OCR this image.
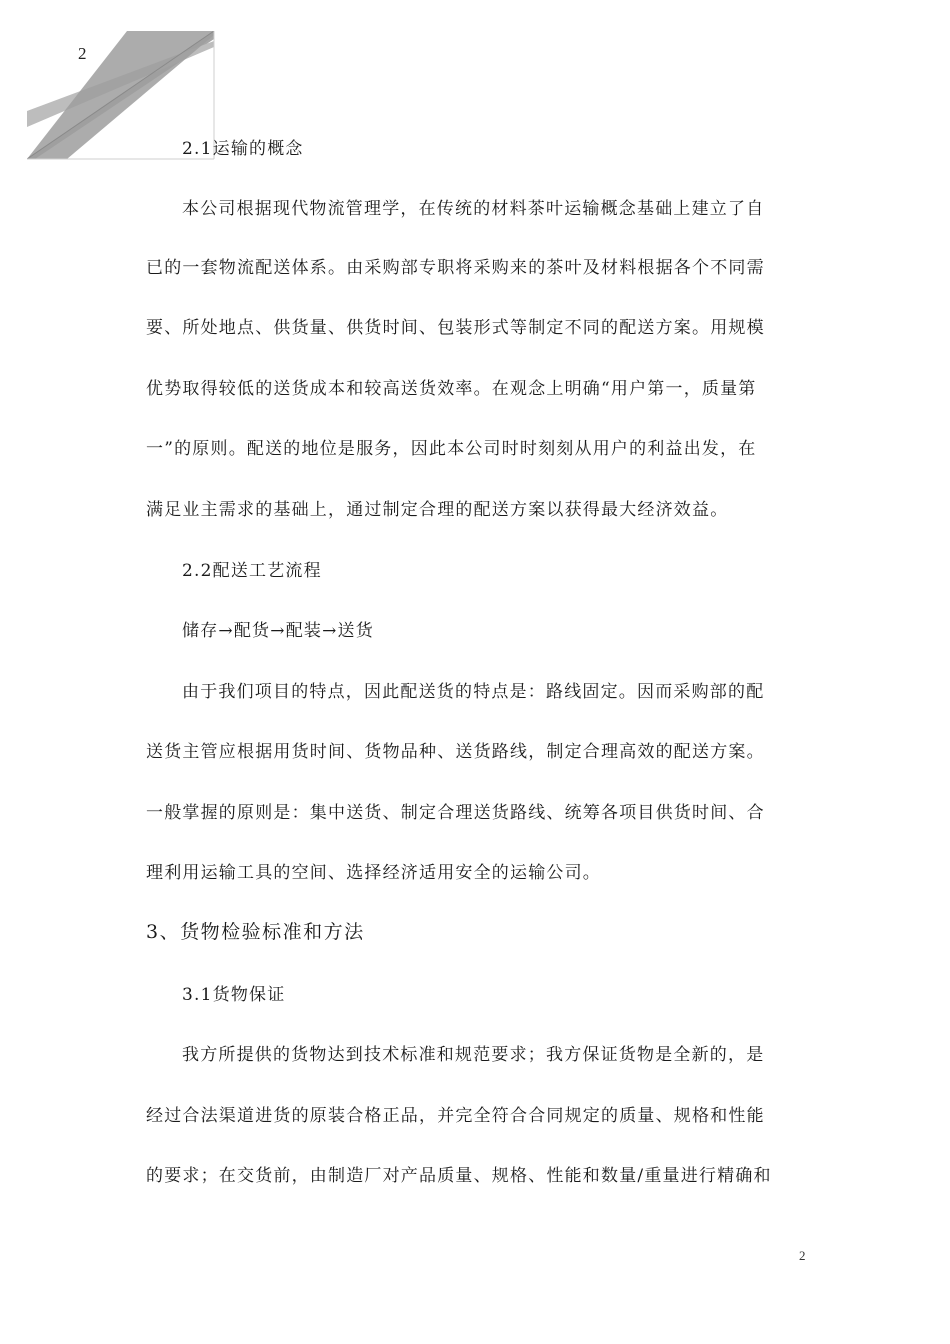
2
2.1运输的概念
本公司根据现代物流管理学，在传统的材料茶叶运输概念基础上建立了自
已的一套物流配送体系。由采购部专职将采购来的茶叶及材料根据各个不同需
要、所处地点、供货量、供货时间、包装形式等制定不同的配送方案。用规模
优势取得较低的送货成本和较高送货效率。在观念上明确“用户第一，质量第
一”的原则。配送的地位是服务，因此本公司时时刻刻从用户的利益出发，在
满足业主需求的基础上，通过制定合理的配送方案以获得最大经济效益。
2.2配送工艺流程
储存→配货→配装→送货
由于我们项目的特点，因此配送货的特点是：路线固定。因而采购部的配
送货主管应根据用货时间、货物品种、送货路线，制定合理高效的配送方案。
一般掌握的原则是：集中送货、制定合理送货路线、统筹各项目供货时间、合
理利用运输工具的空间、选择经济适用安全的运输公司。
3、货物检验标准和方法
3.1货物保证
我方所提供的货物达到技术标准和规范要求；我方保证货物是全新的，是
经过合法渠道进货的原装合格正品，并完全符合合同规定的质量、规格和性能
的要求；在交货前，由制造厂对产品质量、规格、性能和数量/重量进行精确和
2
